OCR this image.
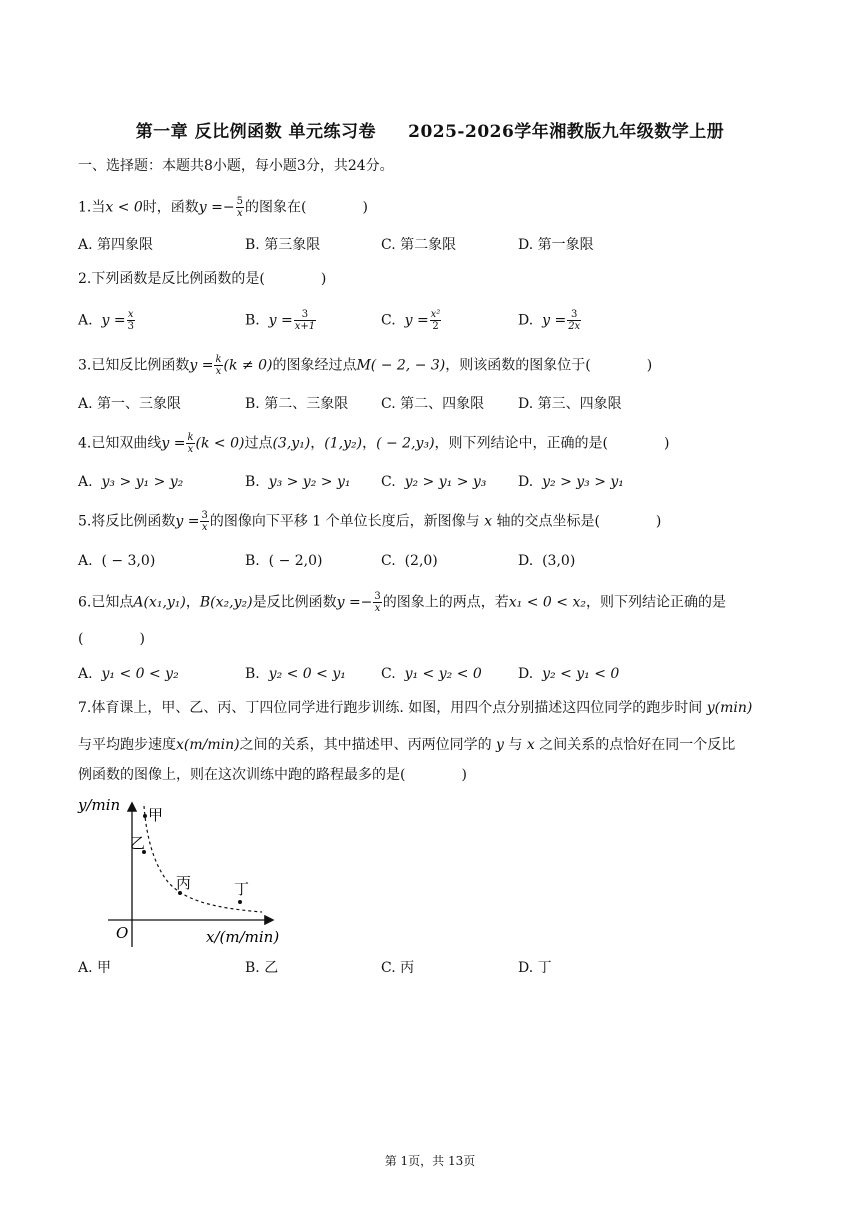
第一章 反比例函数 单元练习卷     2025-2026学年湘教版九年级数学上册
一、选择题：本题共8小题，每小题3分，共24分。
1.当x < 0时，函数$y =- \frac{5}{x}$ 的图象在(　　　　)
A. 第四象限	B. 第三象限	C. 第二象限	D. 第一象限
2.下列函数是反比例函数的是(　　　　)
A. $y = \frac{x}{3}$	B. $y = \frac{3}{x+1}$	C. $y = \frac{\text{x²}}{2}$	D. $y = \frac{3}{2x}$
3.已知反比例函数$y = \frac{k}{x} (k \ne 0)$的图象经过点M( − 2, − 3)，则该函数的图象位于(　　　　)
A. 第一、三象限	B. 第二、三象限 C. 第二、四象限 D. 第三、四象限
4.已知双曲线$y = \frac{k}{x} (k < 0)$过点(3,y₁)，(1,y₂)，( − 2,y₃)，则下列结论中，正确的是(　　　　)
A. y₃ > y₁ > y₂	B. y₃ > y₂ > y₁ C. y₂ > y₁ > y₃ D. y₂ > y₃ > y₁
5.将反比例函数$y = \frac{3}{x}$ 的图像向下平移 1 个单位长度后，新图像与 x 轴的交点坐标是(　　　　)
A. ( − 3,0)	B. ( − 2,0)	C. (2,0)	D. (3,0)
6.已知点A(x₁,y₁)，B(x₂,y₂)是反比例函数$y =- \frac{3}{x}$ 的图象上的两点，若x₁ < 0 < x₂，则下列结论正确的是
(　　　　)
A. y₁ < 0 < y₂	B. y₂ < 0 < y₁	C. y₁ < y₂ < 0	D. y₂ < y₁ < 0
7.体育课上，甲、乙、丙、丁四位同学进行跑步训练. 如图，用四个点分别描述这四位同学的跑步时间 y(min)
与平均跑步速度x(m/min)之间的关系，其中描述甲、丙两位同学的 y 与 x 之间关系的点恰好在同一个反比
例函数的图像上，则在这次训练中跑的路程最多的是(　　　　)
y/min
x/(m/min)
O
甲
乙
丙	丁
A. 甲	B. 乙	C. 丙	D. 丁
第 1页，共 13页
